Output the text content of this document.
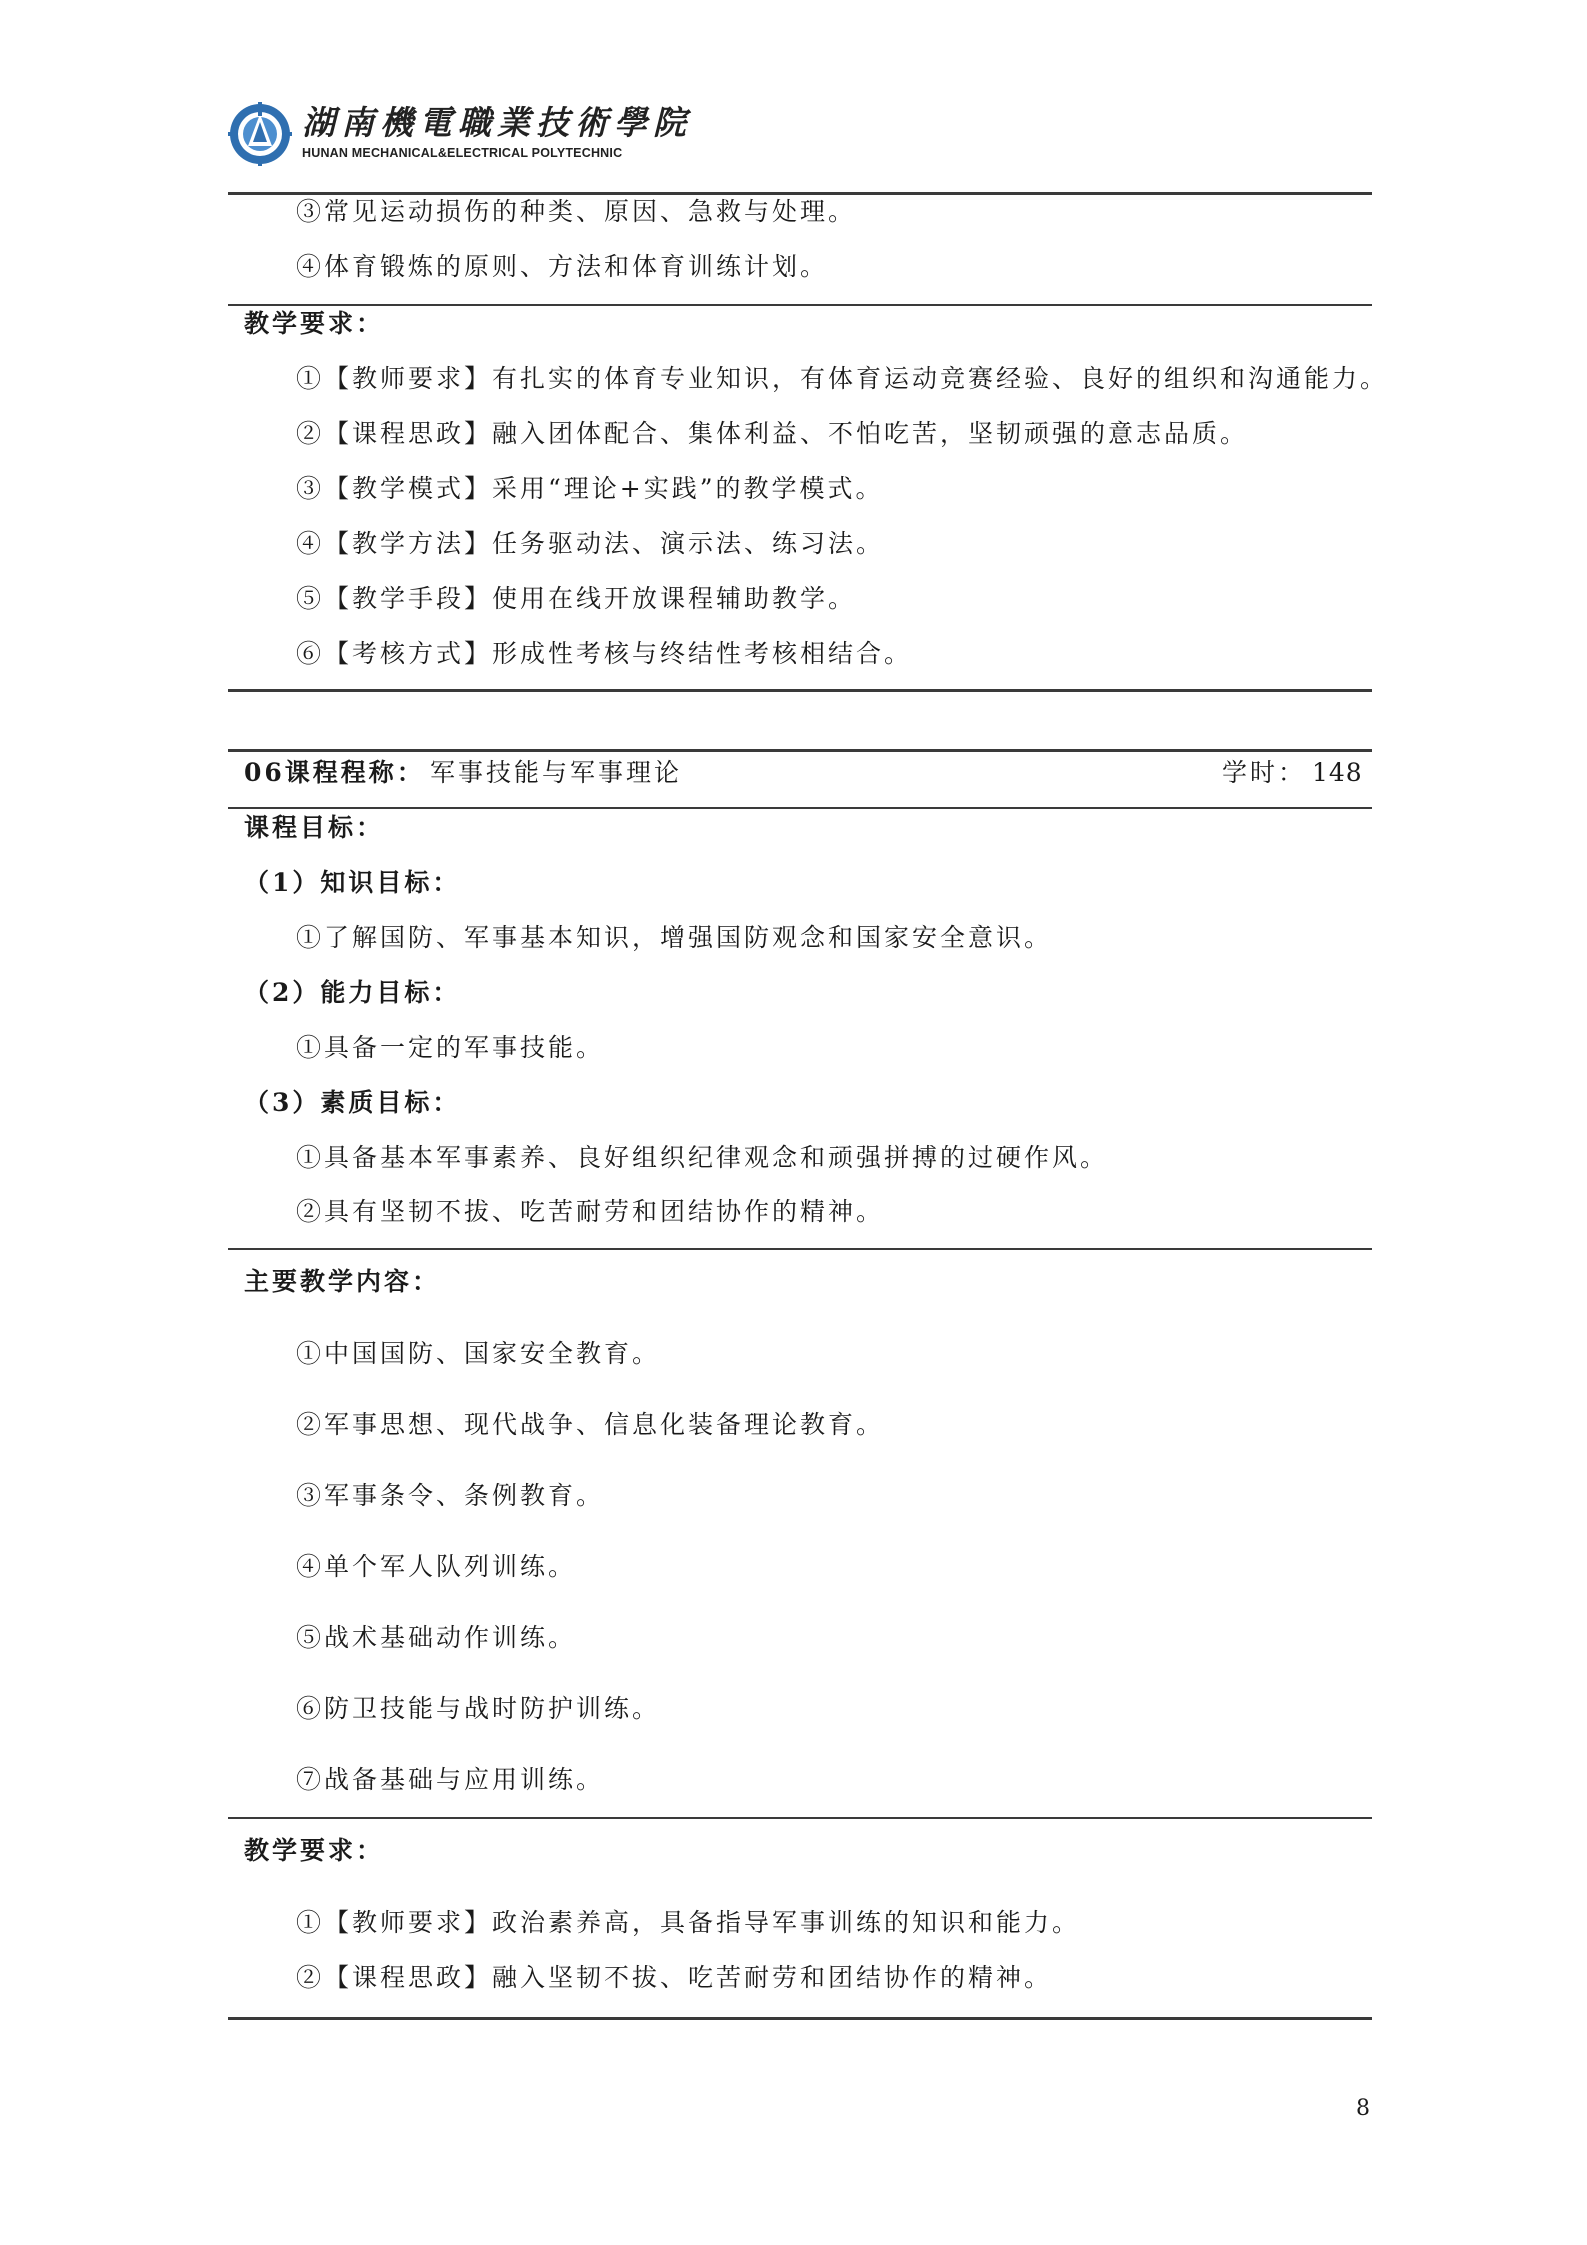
湖南機電職業技術學院
HUNAN MECHANICAL&ELECTRICAL POLYTECHNIC
③常见运动损伤的种类、原因、急救与处理。
④体育锻炼的原则、方法和体育训练计划。
教学要求：
①【教师要求】有扎实的体育专业知识，有体育运动竞赛经验、良好的组织和沟通能力。
②【课程思政】融入团体配合、集体利益、不怕吃苦，坚韧顽强的意志品质。
③【教学模式】采用“理论+实践”的教学模式。
④【教学方法】任务驱动法、演示法、练习法。
⑤【教学手段】使用在线开放课程辅助教学。
⑥【考核方式】形成性考核与终结性考核相结合。
06课程程称： 军事技能与军事理论	学时： 148
课程目标：
（1）知识目标：
①了解国防、军事基本知识，增强国防观念和国家安全意识。
（2）能力目标：
①具备一定的军事技能。
（3）素质目标：
①具备基本军事素养、良好组织纪律观念和顽强拼搏的过硬作风。
②具有坚韧不拔、吃苦耐劳和团结协作的精神。
主要教学内容：
①中国国防、国家安全教育。
②军事思想、现代战争、信息化装备理论教育。
③军事条令、条例教育。
④单个军人队列训练。
⑤战术基础动作训练。
⑥防卫技能与战时防护训练。
⑦战备基础与应用训练。
教学要求：
①【教师要求】政治素养高，具备指导军事训练的知识和能力。
②【课程思政】融入坚韧不拔、吃苦耐劳和团结协作的精神。
8
